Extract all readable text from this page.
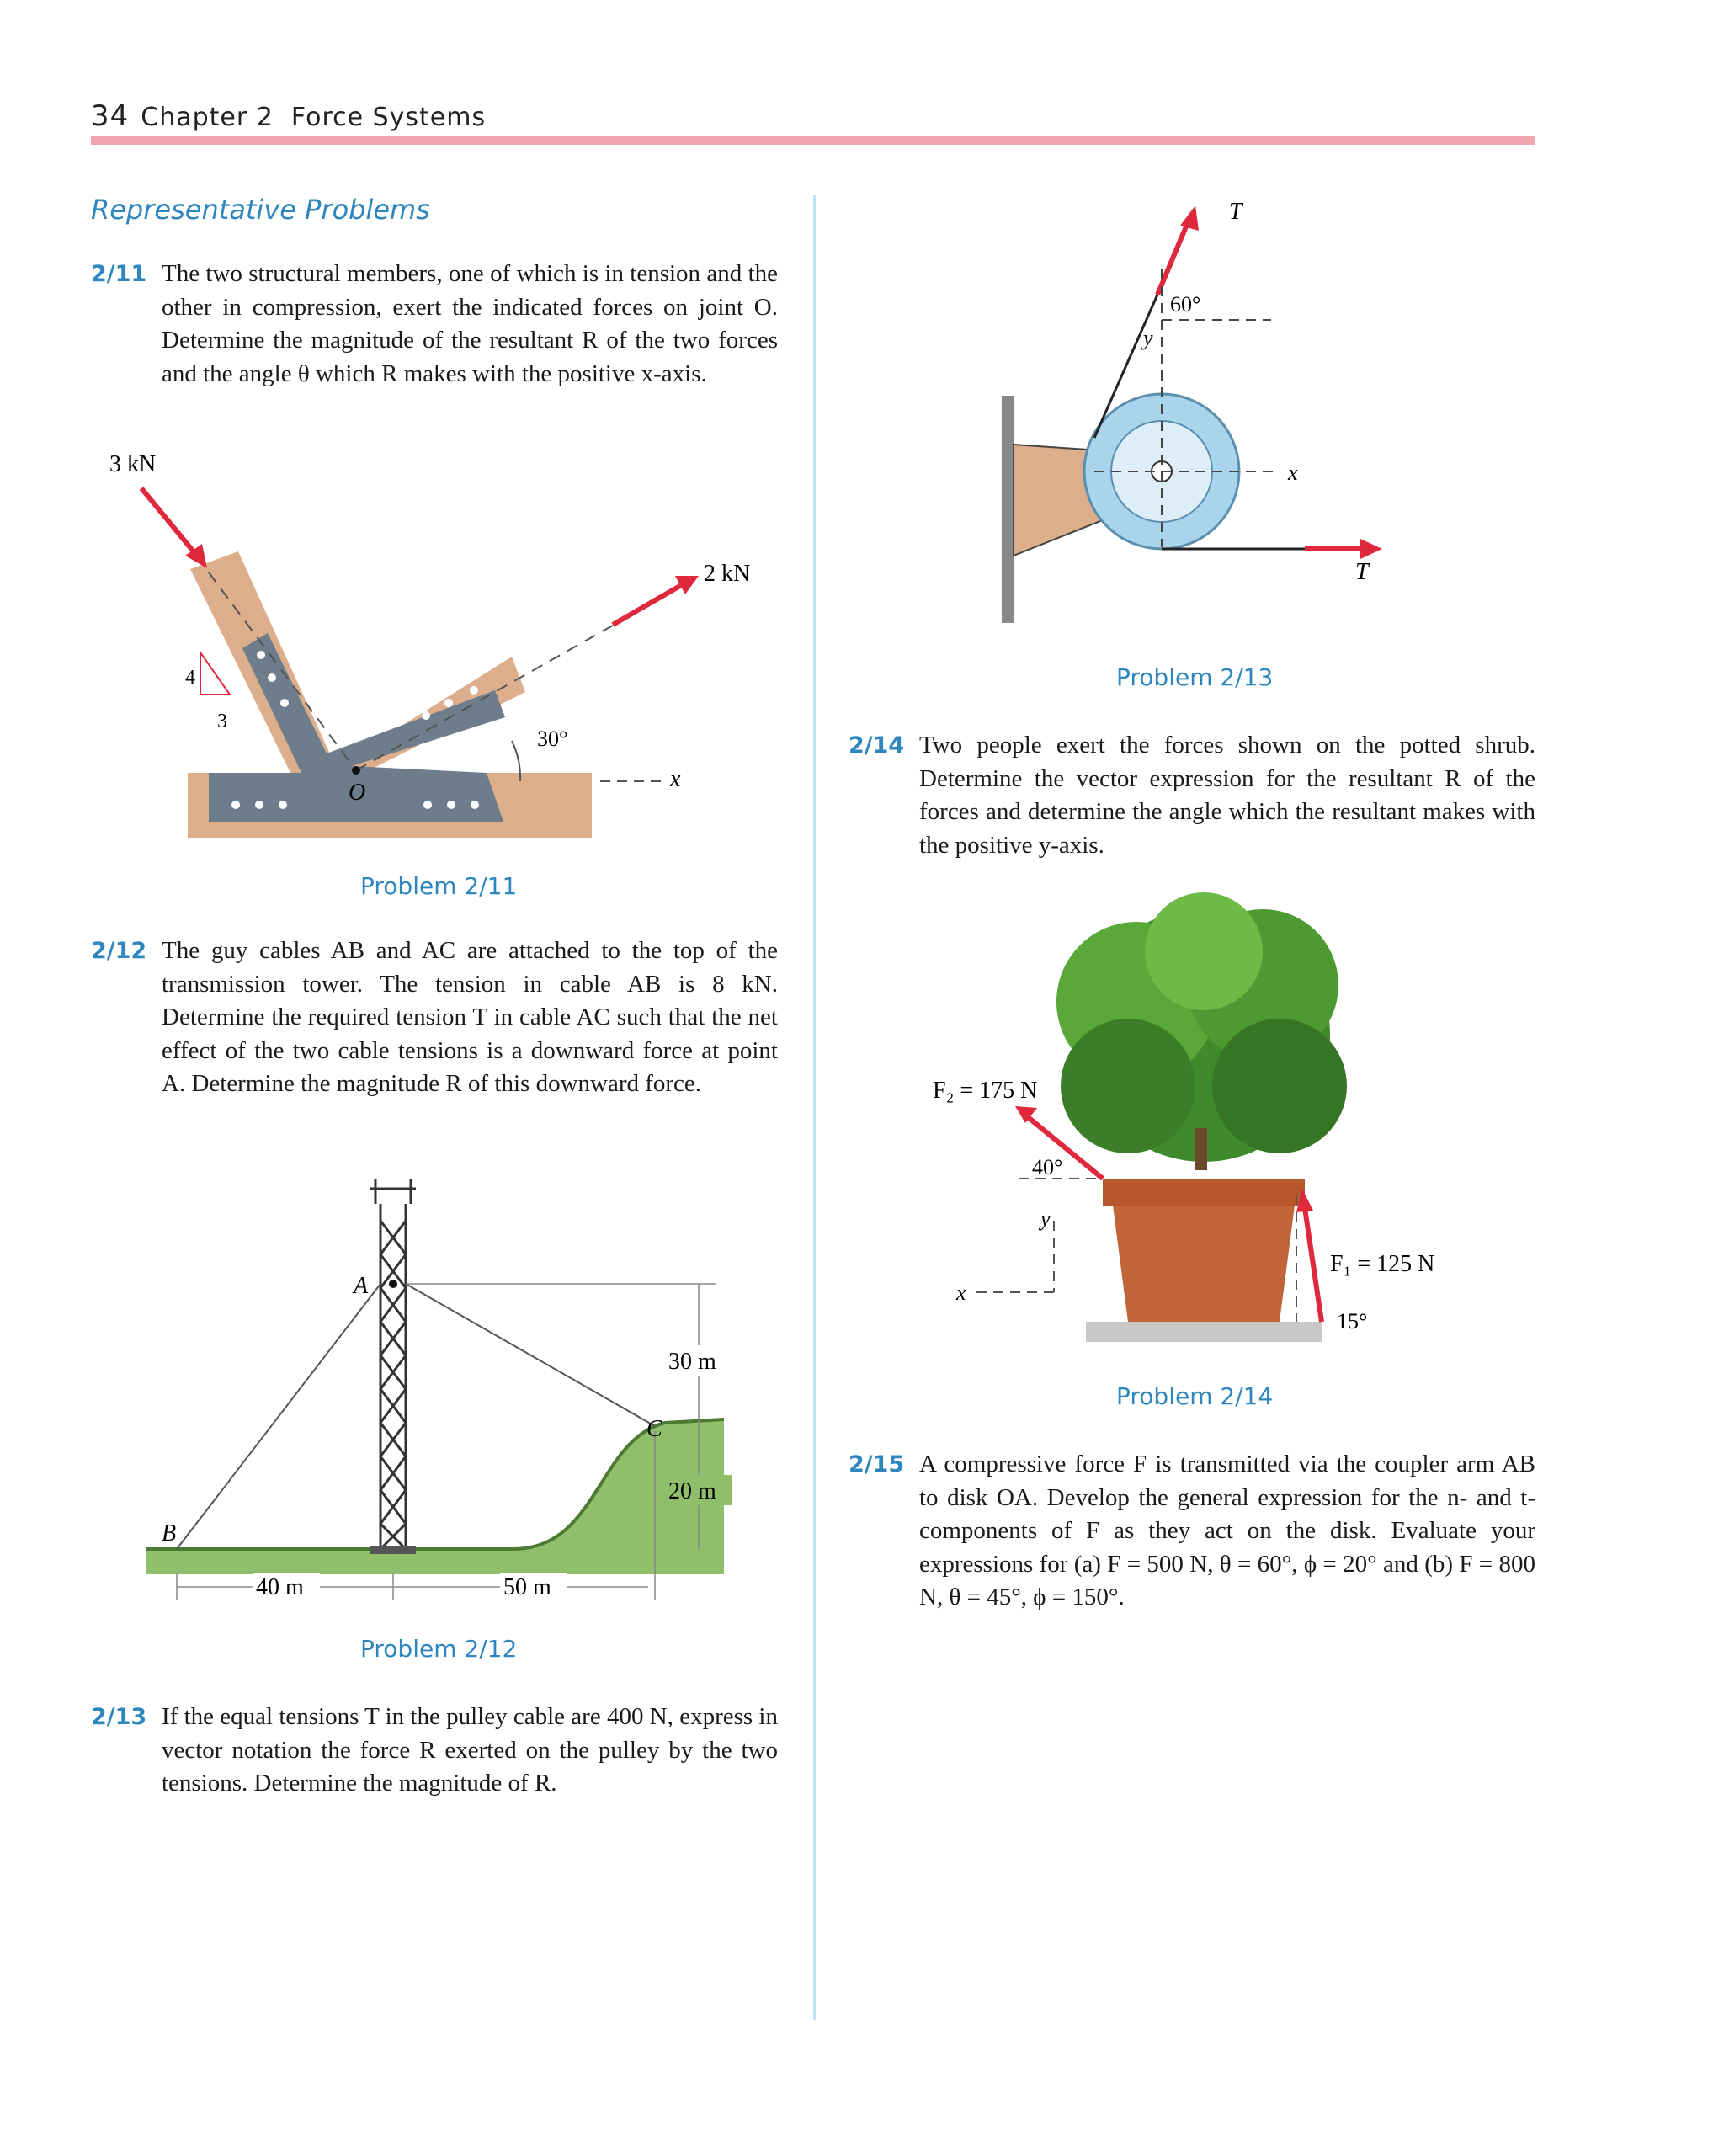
34 Chapter 2  Force Systems
Representative Problems
2/11 The two structural members, one of which is in tension and the other in compression, exert the indicated forces on joint O. Determine the magnitude of the resultant R of the two forces and the angle θ which R makes with the positive x-axis.
3 kN
2 kN
30°
4
3
O
x
Problem 2/11
2/12 The guy cables AB and AC are attached to the top of the transmission tower. The tension in cable AB is 8 kN. Determine the required tension T in cable AC such that the net effect of the two cable tensions is a downward force at point A. Determine the magnitude R of this downward force.
A
B
C
30 m
20 m
40 m	50 m
Problem 2/12
2/13 If the equal tensions T in the pulley cable are 400 N, express in vector notation the force R exerted on the pulley by the two tensions. Determine the magnitude of R.
T
T
60°
y
x
Problem 2/13
2/14 Two people exert the forces shown on the potted shrub. Determine the vector expression for the resultant R of the forces and determine the angle which the resultant makes with the positive y-axis.
F₂ = 175 N
F₁ = 125 N
40°
15°
y
x
Problem 2/14
2/15 A compressive force F is transmitted via the coupler arm AB to disk OA. Develop the general expression for the n- and t-components of F as they act on the disk. Evaluate your expressions for (a) F = 500 N, θ = 60°, ϕ = 20° and (b) F = 800 N, θ = 45°, ϕ = 150°.
